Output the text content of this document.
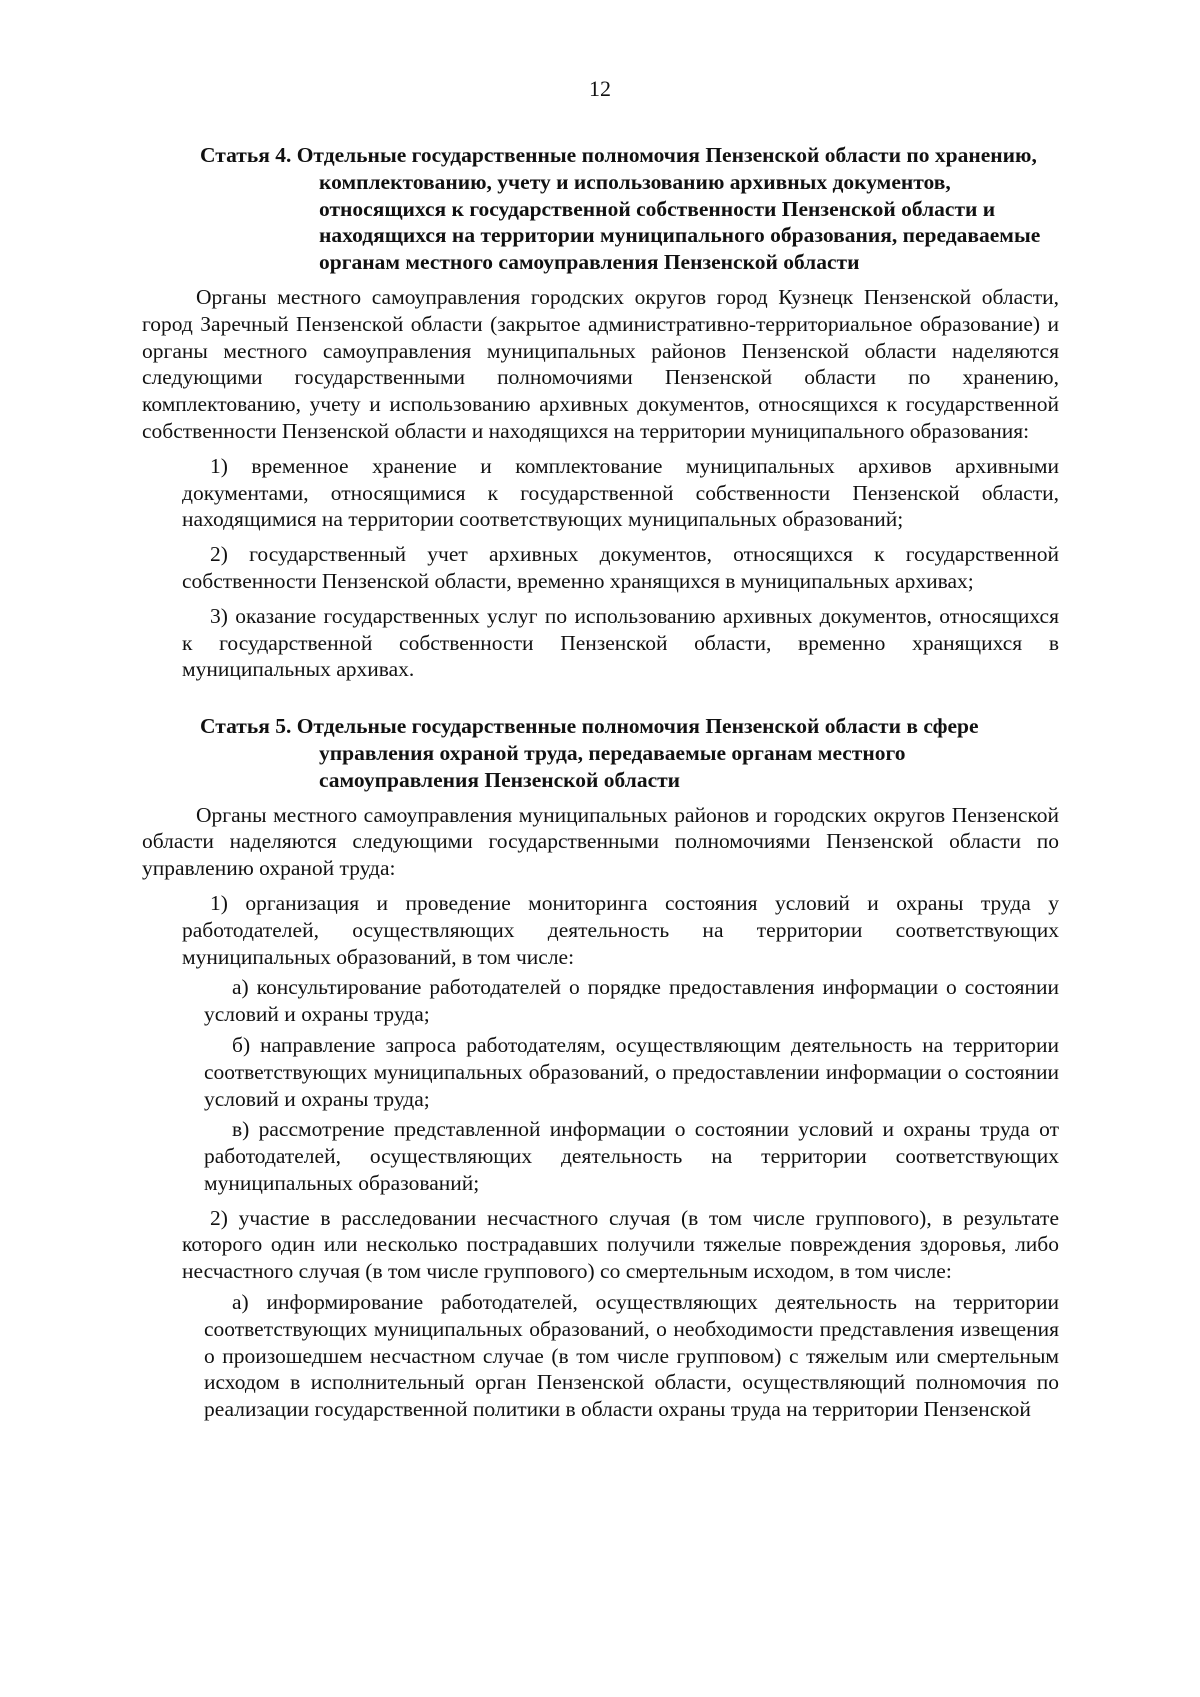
12
Статья 4. Отдельные государственные полномочия Пензенской области по хранению, комплектованию, учету и использованию архивных документов, относящихся к государственной собственности Пензенской области и находящихся на территории муниципального образования, передаваемые органам местного самоуправления Пензенской области

Органы местного самоуправления городских округов город Кузнецк Пензенской области, город Заречный Пензенской области (закрытое административно-территориальное образование) и органы местного самоуправления муниципальных районов Пензенской области наделяются следующими государственными полномочиями Пензенской области по хранению, комплектованию, учету и использованию архивных документов, относящихся к государственной собственности Пензенской области и находящихся на территории муниципального образования:

1) временное хранение и комплектование муниципальных архивов архивными документами, относящимися к государственной собственности Пензенской области, находящимися на территории соответствующих муниципальных образований;
2) государственный учет архивных документов, относящихся к государственной собственности Пензенской области, временно хранящихся в муниципальных архивах;
3) оказание государственных услуг по использованию архивных документов, относящихся к государственной собственности Пензенской области, временно хранящихся в муниципальных архивах.
Статья 5. Отдельные государственные полномочия Пензенской области в сфере управления охраной труда, передаваемые органам местного самоуправления Пензенской области

Органы местного самоуправления муниципальных районов и городских округов Пензенской области наделяются следующими государственными полномочиями Пензенской области по управлению охраной труда:

1) организация и проведение мониторинга состояния условий и охраны труда у работодателей, осуществляющих деятельность на территории соответствующих муниципальных образований, в том числе:
а) консультирование работодателей о порядке предоставления информации о состоянии условий и охраны труда;
б) направление запроса работодателям, осуществляющим деятельность на территории соответствующих муниципальных образований, о предоставлении информации о состоянии условий и охраны труда;
в) рассмотрение представленной информации о состоянии условий и охраны труда от работодателей, осуществляющих деятельность на территории соответствующих муниципальных образований;
2) участие в расследовании несчастного случая (в том числе группового), в результате которого один или несколько пострадавших получили тяжелые повреждения здоровья, либо несчастного случая (в том числе группового) со смертельным исходом, в том числе:
а) информирование работодателей, осуществляющих деятельность на территории соответствующих муниципальных образований, о необходимости представления извещения о произошедшем несчастном случае (в том числе групповом) с тяжелым или смертельным исходом в исполнительный орган Пензенской области, осуществляющий полномочия по реализации государственной политики в области охраны труда на территории Пензенской
